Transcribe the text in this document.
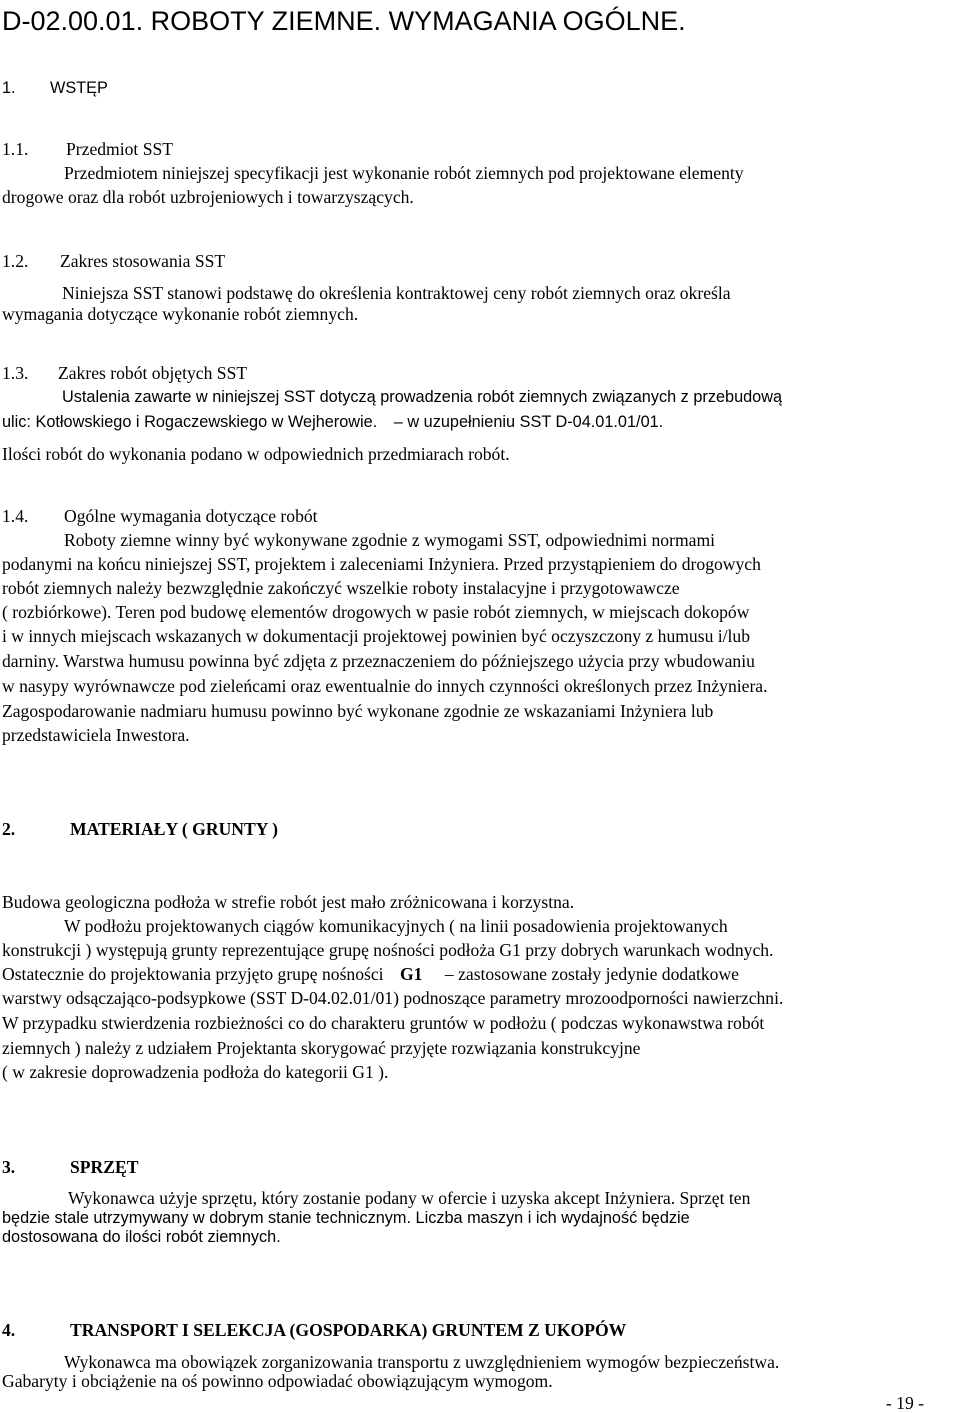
D-02.00.01. ROBOTY ZIEMNE. WYMAGANIA OGÓLNE.
1. WSTĘP
1.1. Przedmiot SST
Przedmiotem niniejszej specyfikacji jest wykonanie robót ziemnych pod projektowane elementy
drogowe oraz dla robót uzbrojeniowych i towarzyszących.
1.2. Zakres stosowania SST
Niniejsza SST stanowi podstawę do określenia kontraktowej ceny robót ziemnych oraz określa
wymagania dotyczące wykonanie robót ziemnych.
1.3. Zakres robót objętych SST
Ustalenia zawarte w niniejszej SST dotyczą prowadzenia robót ziemnych związanych z przebudową
ulic: Kotłowskiego i Rogaczewskiego w Wejherowie. – w uzupełnieniu SST D-04.01.01/01.
Ilości robót do wykonania podano w odpowiednich przedmiarach robót.
1.4. Ogólne wymagania dotyczące robót
Roboty ziemne winny być wykonywane zgodnie z wymogami SST, odpowiednimi normami
podanymi na końcu niniejszej SST, projektem i zaleceniami Inżyniera. Przed przystąpieniem do drogowych
robót ziemnych należy bezwzględnie zakończyć wszelkie roboty instalacyjne i przygotowawcze
( rozbiórkowe). Teren pod budowę elementów drogowych w pasie robót ziemnych, w miejscach dokopów
i w innych miejscach wskazanych w dokumentacji projektowej powinien być oczyszczony z humusu i/lub
darniny. Warstwa humusu powinna być zdjęta z przeznaczeniem do późniejszego użycia przy wbudowaniu
w nasypy wyrównawcze pod zieleńcami oraz ewentualnie do innych czynności określonych przez Inżyniera.
Zagospodarowanie nadmiaru humusu powinno być wykonane zgodnie ze wskazaniami Inżyniera lub
przedstawiciela Inwestora.
2.	MATERIAŁY ( GRUNTY )
Budowa geologiczna podłoża w strefie robót jest mało zróżnicowana i korzystna.
W podłożu projektowanych ciągów komunikacyjnych ( na linii posadowienia projektowanych
konstrukcji ) występują grunty reprezentujące grupę nośności podłoża G1 przy dobrych warunkach wodnych.
Ostatecznie do projektowania przyjęto grupę nośności G1 – zastosowane zostały jedynie dodatkowe
warstwy odsączająco-podsypkowe (SST D-04.02.01/01) podnoszące parametry mrozoodporności nawierzchni.
W przypadku stwierdzenia rozbieżności co do charakteru gruntów w podłożu ( podczas wykonawstwa robót
ziemnych ) należy z udziałem Projektanta skorygować przyjęte rozwiązania konstrukcyjne
( w zakresie doprowadzenia podłoża do kategorii G1 ).
3.	SPRZĘT
Wykonawca użyje sprzętu, który zostanie podany w ofercie i uzyska akcept Inżyniera. Sprzęt ten
będzie stale utrzymywany w dobrym stanie technicznym. Liczba maszyn i ich wydajność będzie
dostosowana do ilości robót ziemnych.
4.	TRANSPORT I SELEKCJA (GOSPODARKA) GRUNTEM Z UKOPÓW
Wykonawca ma obowiązek zorganizowania transportu z uwzględnieniem wymogów bezpieczeństwa.
Gabaryty i obciążenie na oś powinno odpowiadać obowiązującym wymogom.
- 19 -
